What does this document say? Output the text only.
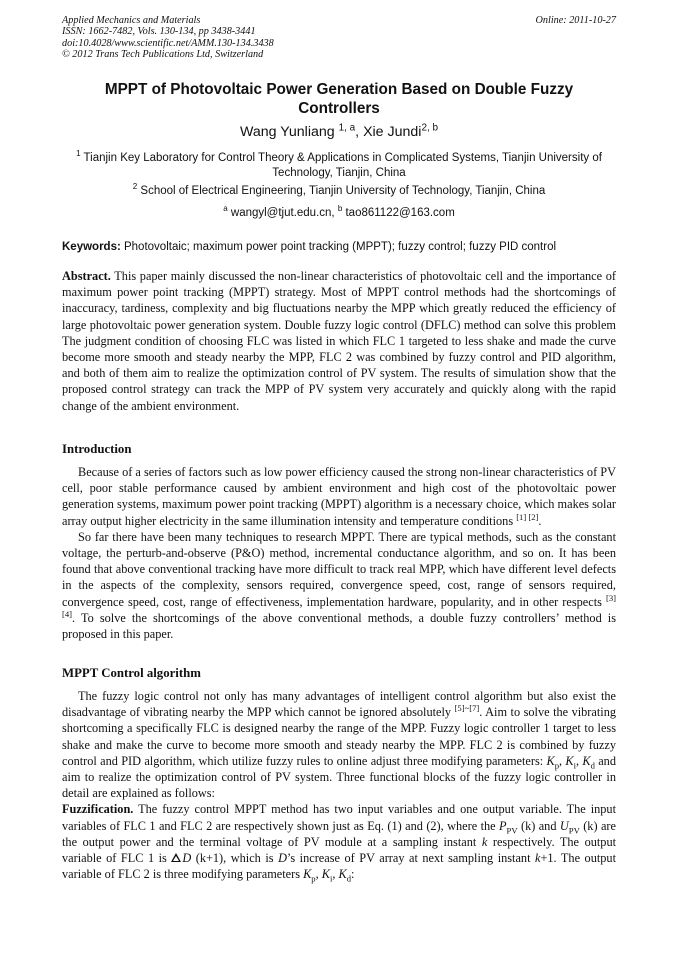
Applied Mechanics and Materials	Online: 2011-10-27
ISSN: 1662-7482, Vols. 130-134, pp 3438-3441
doi:10.4028/www.scientific.net/AMM.130-134.3438
© 2012 Trans Tech Publications Ltd, Switzerland
MPPT of Photovoltaic Power Generation Based on Double Fuzzy Controllers
Wang Yunliang $^{1, a}$, Xie Jundi$^{2, b}$
$^1$ Tianjin Key Laboratory for Control Theory & Applications in Complicated Systems, Tianjin University of Technology, Tianjin, China
$^2$ School of Electrical Engineering, Tianjin University of Technology, Tianjin, China
$^a$ wangyl@tjut.edu.cn, $^b$ tao861122@163.com
Keywords: Photovoltaic; maximum power point tracking (MPPT); fuzzy control; fuzzy PID control

Abstract. This paper mainly discussed the non-linear characteristics of photovoltaic cell and the importance of maximum power point tracking (MPPT) strategy. Most of MPPT control methods had the shortcomings of inaccuracy, tardiness, complexity and big fluctuations nearby the MPP which greatly reduced the efficiency of large photovoltaic power generation system. Double fuzzy logic control (DFLC) method can solve this problem The judgment condition of choosing FLC was listed in which FLC 1 targeted to less shake and made the curve become more smooth and steady nearby the MPP, FLC 2 was combined by fuzzy control and PID algorithm, and both of them aim to realize the optimization control of PV system. The results of simulation show that the proposed control strategy can track the MPP of PV system very accurately and quickly along with the rapid change of the ambient environment.

Introduction

Because of a series of factors such as low power efficiency caused the strong non-linear characteristics of PV cell, poor stable performance caused by ambient environment and high cost of the photovoltaic power generation systems, maximum power point tracking (MPPT) algorithm is a necessary choice, which makes solar array output higher electricity in the same illumination intensity and temperature conditions [1] [2].

So far there have been many techniques to research MPPT. There are typical methods, such as the constant voltage, the perturb-and-observe (P&O) method, incremental conductance algorithm, and so on. It has been found that above conventional tracking have more difficult to track real MPP, which have different level defects in the aspects of the complexity, sensors required, convergence speed, cost, range of sensors required, convergence speed, cost, range of effectiveness, implementation hardware, popularity, and in other respects [3] [4]. To solve the shortcomings of the above conventional methods, a double fuzzy controllers’ method is proposed in this paper.

MPPT Control algorithm

The fuzzy logic control not only has many advantages of intelligent control algorithm but also exist the disadvantage of vibrating nearby the MPP which cannot be ignored absolutely [5]~[7]. Aim to solve the vibrating shortcoming a specifically FLC is designed nearby the range of the MPP. Fuzzy logic controller 1 target to less shake and make the curve to become more smooth and steady nearby the MPP. FLC 2 is combined by fuzzy control and PID algorithm, which utilize fuzzy rules to online adjust three modifying parameters: $K_p$, $K_i$, $K_d$ and aim to realize the optimization control of PV system. Three functional blocks of the fuzzy logic controller in detail are explained as follows:

Fuzzification. The fuzzy control MPPT method has two input variables and one output variable. The input variables of FLC 1 and FLC 2 are respectively shown just as Eq. (1) and (2), where the $P_{PV}$ (k) and $U_{PV}$ (k) are the output power and the terminal voltage of PV module at a sampling instant k respectively. The output variable of FLC 1 is D (k+1), which is D’s increase of PV array at next sampling instant k+1. The output variable of FLC 2 is three modifying parameters $K_p$, $K_i$, $K_d$:
